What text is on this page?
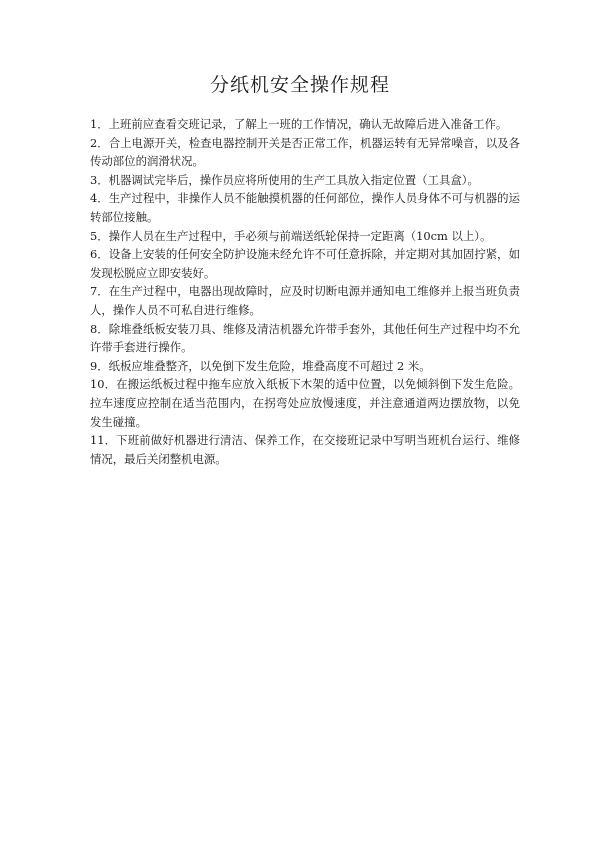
分纸机安全操作规程
1．上班前应查看交班记录，了解上一班的工作情况，确认无故障后进入准备工作。
2．合上电源开关，检查电器控制开关是否正常工作，机器运转有无异常噪音，以及各传动部位的润滑状况。
3．机器调试完毕后，操作员应将所使用的生产工具放入指定位置（工具盒）。
4．生产过程中，非操作人员不能触摸机器的任何部位，操作人员身体不可与机器的运转部位接触。
5．操作人员在生产过程中，手必须与前端送纸轮保持一定距离（10cm 以上）。
6．设备上安装的任何安全防护设施未经允许不可任意拆除，并定期对其加固拧紧，如发现松脱应立即安装好。
7．在生产过程中，电器出现故障时，应及时切断电源并通知电工维修并上报当班负责人，操作人员不可私自进行维修。
8．除堆叠纸板安装刀具、维修及清洁机器允许带手套外，其他任何生产过程中均不允许带手套进行操作。
9．纸板应堆叠整齐，以免倒下发生危险，堆叠高度不可超过 2 米。
10．在搬运纸板过程中拖车应放入纸板下木架的适中位置，以免倾斜倒下发生危险。拉车速度应控制在适当范围内，在拐弯处应放慢速度，并注意通道两边摆放物，以免发生碰撞。
11．下班前做好机器进行清洁、保养工作，在交接班记录中写明当班机台运行、维修情况，最后关闭整机电源。
